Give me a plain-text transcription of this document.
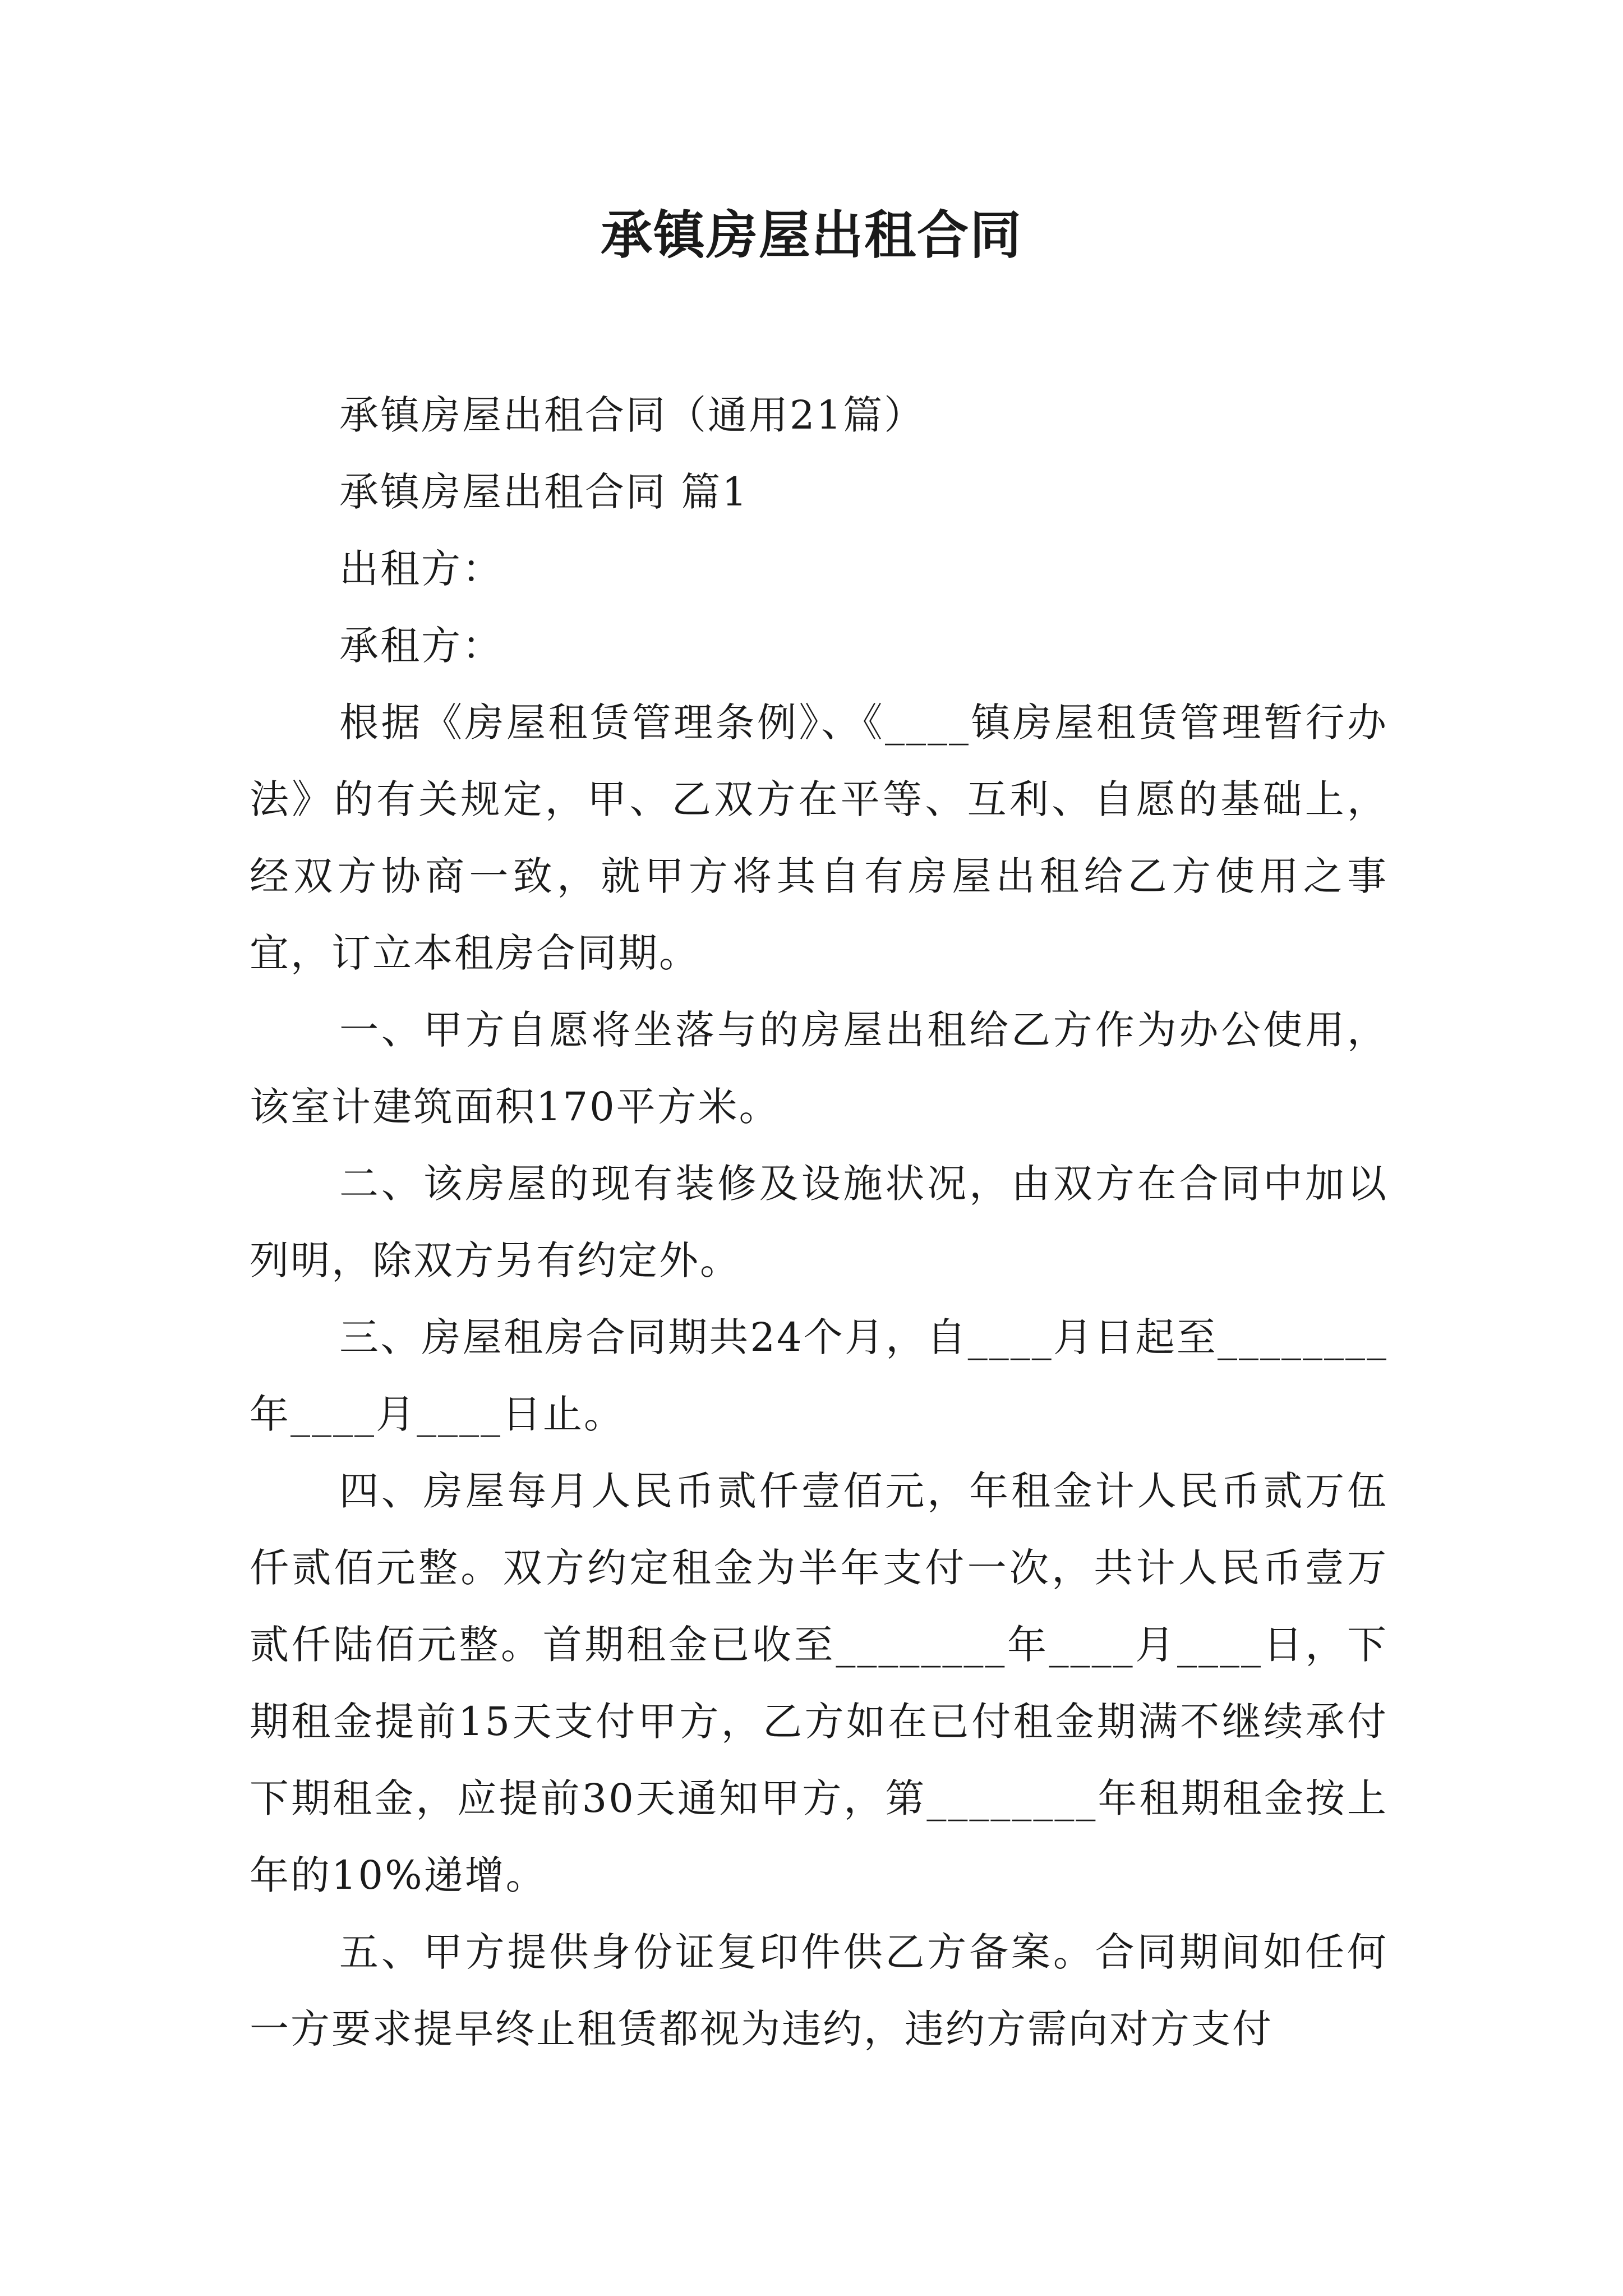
承镇房屋出租合同

承镇房屋出租合同（通用21篇）

承镇房屋出租合同 篇1

出租方：

承租方：

根据《房屋租赁管理条例》、《____镇房屋租赁管理暂行办法》的有关规定，甲、乙双方在平等、互利、自愿的基础上，经双方协商一致，就甲方将其自有房屋出租给乙方使用之事宜，订立本租房合同期。

一、甲方自愿将坐落与的房屋出租给乙方作为办公使用，该室计建筑面积170平方米。

二、该房屋的现有装修及设施状况，由双方在合同中加以列明，除双方另有约定外。

三、房屋租房合同期共24个月，自____月日起至________年____月____日止。

四、房屋每月人民币贰仟壹佰元，年租金计人民币贰万伍仟贰佰元整。双方约定租金为半年支付一次，共计人民币壹万贰仟陆佰元整。首期租金已收至________年____月____日，下期租金提前15天支付甲方，乙方如在已付租金期满不继续承付下期租金，应提前30天通知甲方，第________年租期租金按上年的10%递增。

五、甲方提供身份证复印件供乙方备案。合同期间如任何一方要求提早终止租赁都视为违约，违约方需向对方支付
